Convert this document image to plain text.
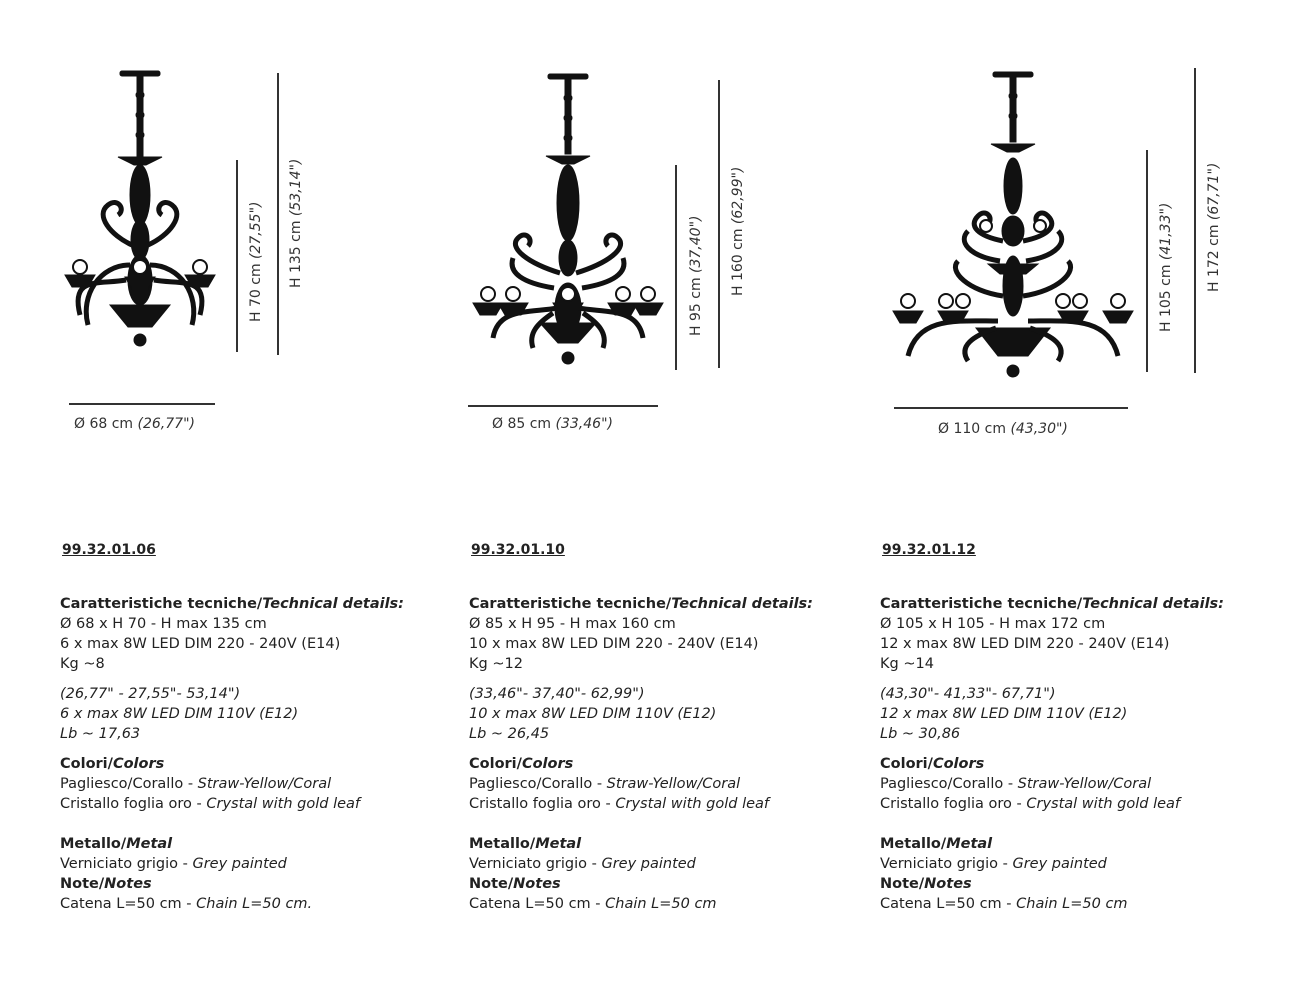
H 70 cm (27,55") H 135 cm (53,14")
Ø 68 cm (26,77")
99.32.01.06

Caratteristiche tecniche/Technical details:

Ø 68 x H 70 - H max 135 cm

6 x max 8W LED DIM 220 - 240V (E14)

Kg ~8

(26,77" - 27,55"- 53,14")

6 x max 8W LED DIM 110V (E12)

Lb ~ 17,63

Colori/Colors

Pagliesco/Corallo - Straw-Yellow/Coral

Cristallo foglia oro - Crystal with gold leaf

Metallo/Metal

Verniciato grigio - Grey painted

Note/Notes

Catena L=50 cm - Chain L=50 cm.

H 95 cm (37,40") H 160 cm (62,99")
Ø 85 cm (33,46")
99.32.01.10

Caratteristiche tecniche/Technical details:

Ø 85 x H 95 - H max 160 cm

10 x max 8W LED DIM 220 - 240V (E14)

Kg ~12

(33,46"- 37,40"- 62,99")

10 x max 8W LED DIM 110V (E12)

Lb ~ 26,45

Colori/Colors

Pagliesco/Corallo - Straw-Yellow/Coral

Cristallo foglia oro - Crystal with gold leaf

Metallo/Metal

Verniciato grigio - Grey painted

Note/Notes

Catena L=50 cm - Chain L=50 cm

H 105 cm (41,33") H 172 cm (67,71")
Ø 110 cm (43,30")
99.32.01.12

Caratteristiche tecniche/Technical details:

Ø 105 x H 105 - H max 172 cm

12 x max 8W LED DIM 220 - 240V (E14)

Kg ~14

(43,30"- 41,33"- 67,71")

12 x max 8W LED DIM 110V (E12)

Lb ~ 30,86

Colori/Colors

Pagliesco/Corallo - Straw-Yellow/Coral

Cristallo foglia oro - Crystal with gold leaf

Metallo/Metal

Verniciato grigio - Grey painted

Note/Notes

Catena L=50 cm - Chain L=50 cm
